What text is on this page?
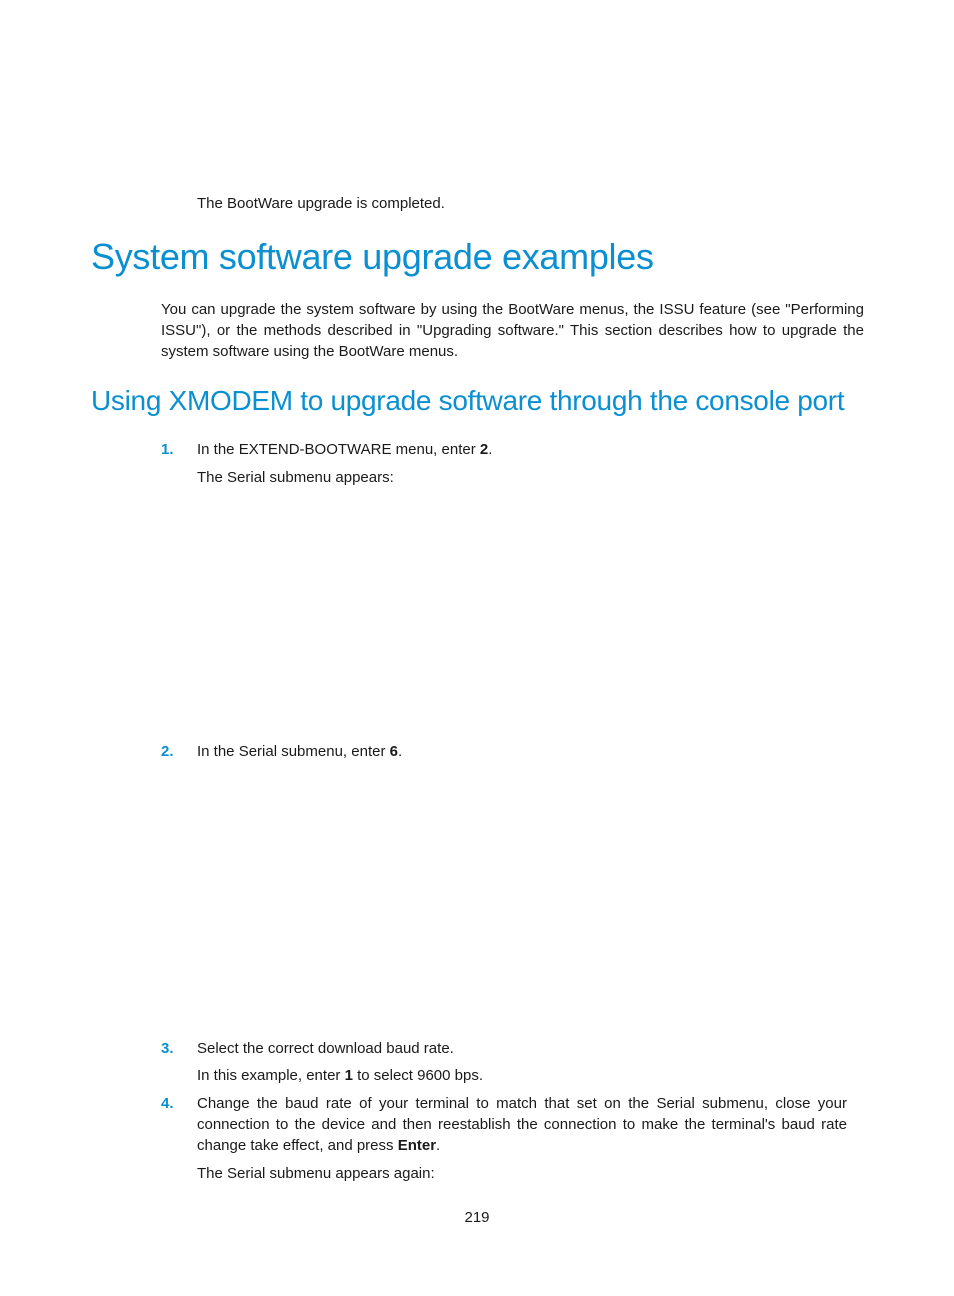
The BootWare upgrade is completed.
System software upgrade examples
You can upgrade the system software by using the BootWare menus, the ISSU feature (see "Performing ISSU"), or the methods described in "Upgrading software." This section describes how to upgrade the system software using the BootWare menus.
Using XMODEM to upgrade software through the console port
1. In the EXTEND-BOOTWARE menu, enter 2.
The Serial submenu appears:
2. In the Serial submenu, enter 6.
3. Select the correct download baud rate.
In this example, enter 1 to select 9600 bps.
4. Change the baud rate of your terminal to match that set on the Serial submenu, close your connection to the device and then reestablish the connection to make the terminal's baud rate change take effect, and press Enter.
The Serial submenu appears again:
219
